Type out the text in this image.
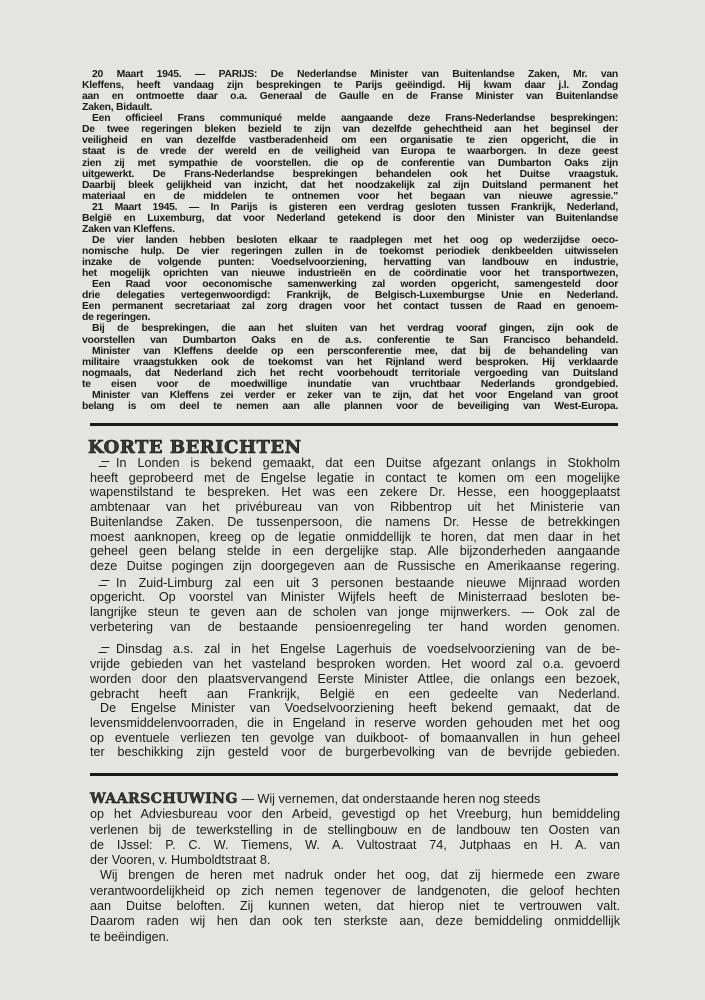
20 Maart 1945. — PARIJS: De Nederlandse Minister van Buitenlandse Zaken, Mr. van
Kleffens, heeft vandaag zijn besprekingen te Parijs geëindigd. Hij kwam daar j.l. Zondag
aan en ontmoette daar o.a. Generaal de Gaulle en de Franse Minister van Buitenlandse
Zaken, Bidault.
Een officieel Frans communiqué melde aangaande deze Frans-Nederlandse besprekingen:
De twee regeringen bleken bezield te zijn van dezelfde gehechtheid aan het beginsel der
veiligheid en van dezelfde vastberadenheid om een organisatie te zien opgericht, die in
staat is de vrede der wereld en de veiligheid van Europa te waarborgen. In deze geest
zien zij met sympathie de voorstellen. die op de conferentie van Dumbarton Oaks zijn
uitgewerkt. De Frans-Nederlandse besprekingen behandelen ook het Duitse vraagstuk.
Daarbij bleek gelijkheid van inzicht, dat het noodzakelijk zal zijn Duitsland permanent het
materiaal en de middelen te ontnemen voor het begaan van nieuwe agressie."
21 Maart 1945. — In Parijs is gisteren een verdrag gesloten tussen Frankrijk, Nederland,
België en Luxemburg, dat voor Nederland getekend is door den Minister van Buitenlandse
Zaken van Kleffens.
De vier landen hebben besloten elkaar te raadplegen met het oog op wederzijdse oeco-
nomische hulp. De vier regeringen zullen in de toekomst periodiek denkbeelden uitwisselen
inzake de volgende punten: Voedselvoorziening, hervatting van landbouw en industrie,
het mogelijk oprichten van nieuwe industrieën en de coördinatie voor het transportwezen,
Een Raad voor oeconomische samenwerking zal worden opgericht, samengesteld door
drie delegaties vertegenwoordigd: Frankrijk, de Belgisch-Luxemburgse Unie en Nederland.
Een permanent secretariaat zal zorg dragen voor het contact tussen de Raad en genoem-
de regeringen.
Bij de besprekingen, die aan het sluiten van het verdrag vooraf gingen, zijn ook de
voorstellen van Dumbarton Oaks en de a.s. conferentie te San Francisco behandeld.
Minister van Kleffens deelde op een persconferentie mee, dat bij de behandeling van
militaire vraagstukken ook de toekomst van het Rijnland werd besproken. Hij verklaarde
nogmaals, dat Nederland zich het recht voorbehoudt territoriale vergoeding van Duitsland
te eisen voor de moedwillige inundatie van vruchtbaar Nederlands grondgebied.
Minister van Kleffens zei verder er zeker van te zijn, dat het voor Engeland van groot
belang is om deel te nemen aan alle plannen voor de beveiliging van West-Europa.
KORTE BERICHTEN
In Londen is bekend gemaakt, dat een Duitse afgezant onlangs in Stokholm
heeft geprobeerd met de Engelse legatie in contact te komen om een mogelijke
wapenstilstand te bespreken. Het was een zekere Dr. Hesse, een hooggeplaatst
ambtenaar van het privébureau van von Ribbentrop uit het Ministerie van
Buitenlandse Zaken. De tussenpersoon, die namens Dr. Hesse de betrekkingen
moest aanknopen, kreeg op de legatie onmiddellijk te horen, dat men daar in het
geheel geen belang stelde in een dergelijke stap. Alle bijzonderheden aangaande
deze Duitse pogingen zijn doorgegeven aan de Russische en Amerikaanse regering.
In Zuid-Limburg zal een uit 3 personen bestaande nieuwe Mijnraad worden
opgericht. Op voorstel van Minister Wijfels heeft de Ministerraad besloten be-
langrijke steun te geven aan de scholen van jonge mijnwerkers. — Ook zal de
verbetering van de bestaande pensioenregeling ter hand worden genomen.
Dinsdag a.s. zal in het Engelse Lagerhuis de voedselvoorziening van de be-
vrijde gebieden van het vasteland besproken worden. Het woord zal o.a. gevoerd
worden door den plaatsvervangend Eerste Minister Attlee, die onlangs een bezoek,
gebracht heeft aan Frankrijk, België en een gedeelte van Nederland.
De Engelse Minister van Voedselvoorziening heeft bekend gemaakt, dat de
levensmiddelenvoorraden, die in Engeland in reserve worden gehouden met het oog
op eventuele verliezen ten gevolge van duikboot- of bomaanvallen in hun geheel
ter beschikking zijn gesteld voor de burgerbevolking van de bevrijde gebieden.
WAARSCHUWING — Wij vernemen, dat onderstaande heren nog steeds
op het Adviesbureau voor den Arbeid, gevestigd op het Vreeburg, hun bemiddeling
verlenen bij de tewerkstelling in de stellingbouw en de landbouw ten Oosten van
de IJssel: P. C. W. Tiemens, W. A. Vultostraat 74, Jutphaas en H. A. van
der Vooren, v. Humboldtstraat 8.
Wij brengen de heren met nadruk onder het oog, dat zij hiermede een zware
verantwoordelijkheid op zich nemen tegenover de landgenoten, die geloof hechten
aan Duitse beloften. Zij kunnen weten, dat hierop niet te vertrouwen valt.
Daarom raden wij hen dan ook ten sterkste aan, deze bemiddeling onmiddellijk
te beëindigen.
